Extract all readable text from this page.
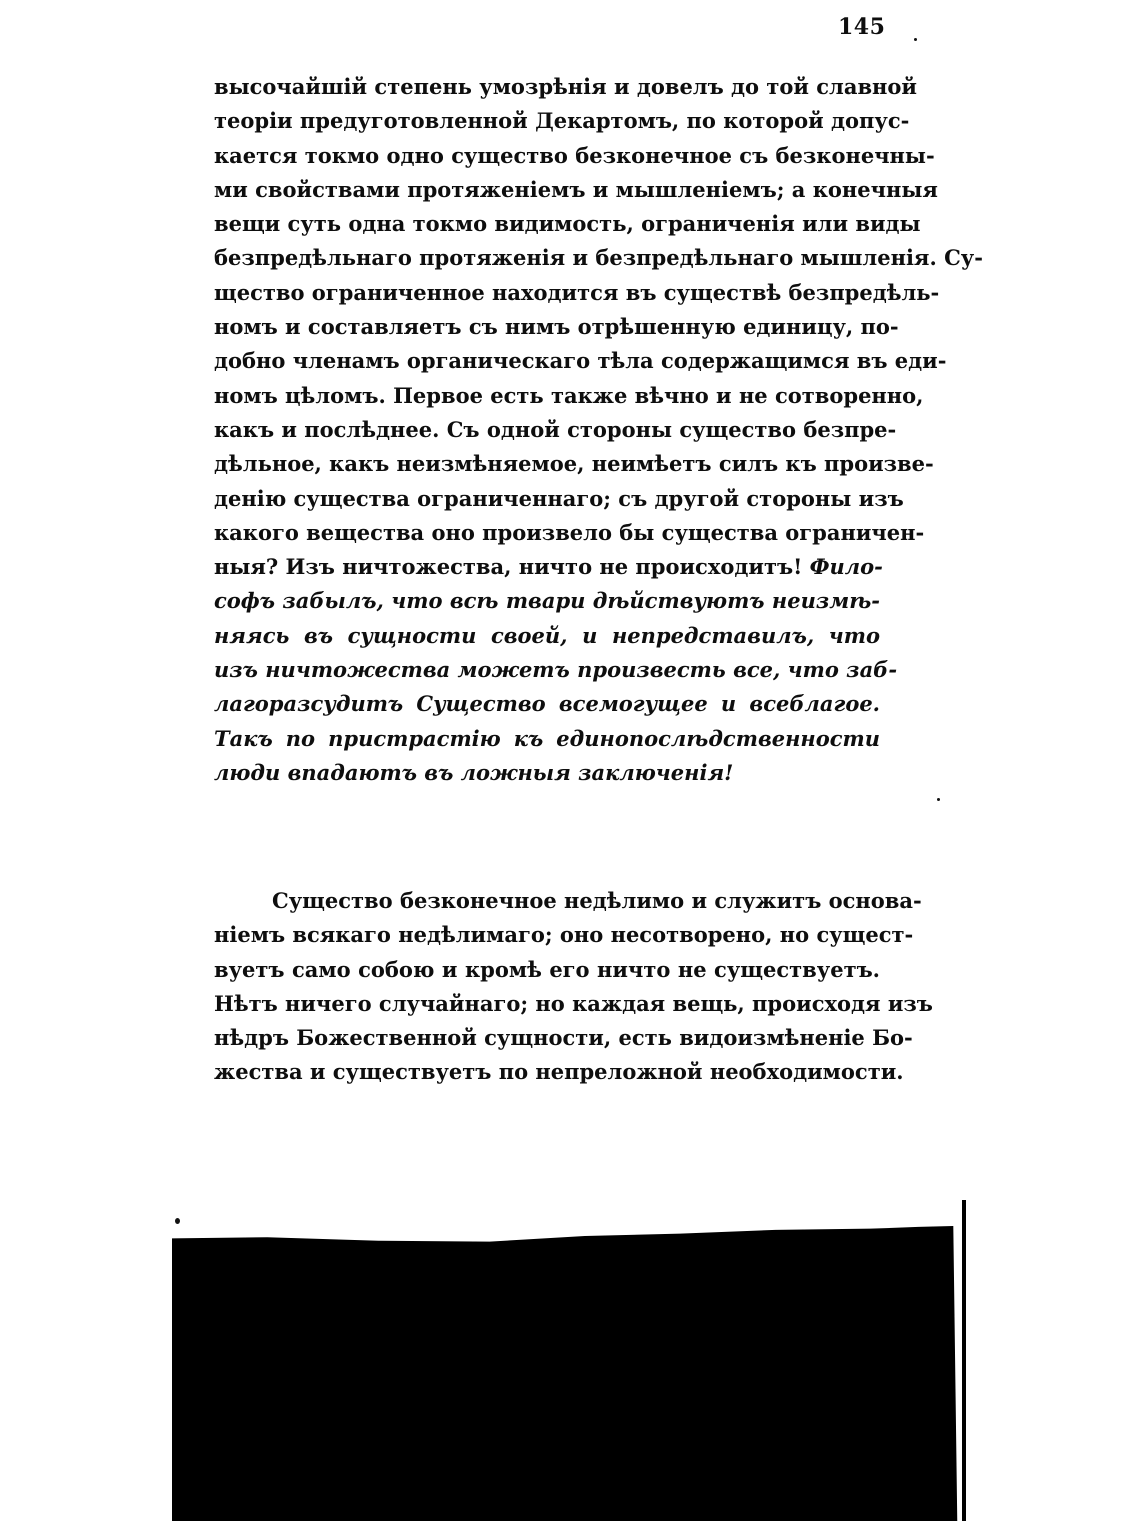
145
высочайшій степень умозрѣнія и довелъ до той славной
теоріи предуготовленной Декартомъ, по которой допус-
кается токмо одно существо безконечное съ безконечны-
ми свойствами протяженіемъ и мышленіемъ; а конечныя
вещи суть одна токмо видимость, ограниченія или виды
безпредѣльнаго протяженія и безпредѣльнаго мышленія. Су-
щество ограниченное находится въ существѣ безпредѣль-
номъ и составляетъ съ нимъ отрѣшенную единицу, по-
добно членамъ органическаго тѣла содержащимся въ еди-
номъ цѣломъ. Первое есть также вѣчно и не сотворенно,
какъ и послѣднее. Съ одной стороны существо безпре-
дѣльное, какъ неизмѣняемое, неимѣетъ силъ къ произве-
денію существа ограниченнаго; съ другой стороны изъ
какого вещества оно произвело бы существа ограничен-
ныя? Изъ ничтожества, ничто не происходитъ! Фило-
софъ забылъ, что всѣ твари дѣйствуютъ неизмѣ-
няясь въ сущности своей, и непредставилъ, что
изъ ничтожества можетъ произвесть все, что заб-
лагоразсудитъ Существо всемогущее и всеблагое.
Такъ по пристрастію къ единопослѣдственности
люди впадаютъ въ ложныя заключенія!
Существо безконечное недѣлимо и служитъ основа-
ніемъ всякаго недѣлимаго; оно несотворено, но сущест-
вуетъ само собою и кромѣ его ничто не существуетъ.
Нѣтъ ничего случайнаго; но каждая вещь, происходя изъ
нѣдръ Божественной сущности, есть видоизмѣненіе Бо-
жества и существуетъ по непреложной необходимости.
